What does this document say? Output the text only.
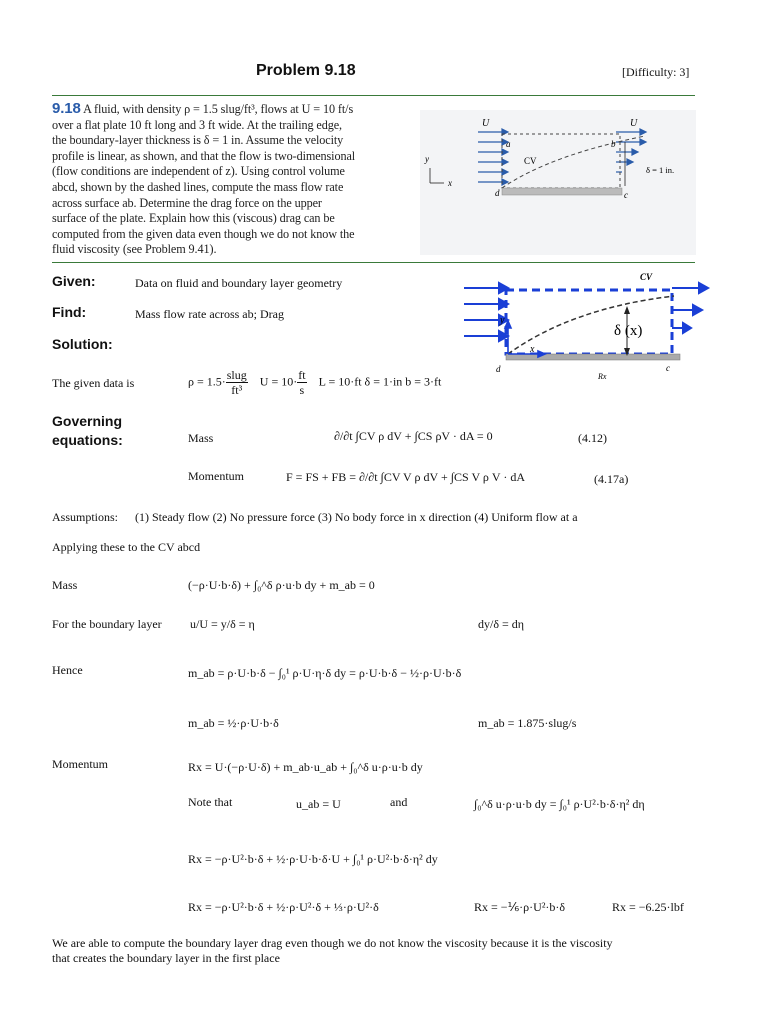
Problem 9.18	[Difficulty: 3]
9.18 A fluid, with density ρ = 1.5 slug/ft³, flows at U = 10 ft/s
over a flat plate 10 ft long and 3 ft wide. At the trailing edge,
the boundary-layer thickness is δ = 1 in. Assume the velocity
profile is linear, as shown, and that the flow is two-dimensional
(flow conditions are independent of z). Using control volume
abcd, shown by the dashed lines, compute the mass flow rate
across surface ab. Determine the drag force on the upper
surface of the plate. Explain how this (viscous) drag can be
computed from the given data even though we do not know the
fluid viscosity (see Problem 9.41).
U	U
a	b
CV
y
x
d	c
δ = 1 in.
CV
y
x
δ (x)
d	c
Rx
Given:	Data on fluid and boundary layer geometry
Find:	Mass flow rate across ab; Drag
Solution:
The given data is	$\rho = 1.5\cdot \frac{\text{slug}}{\text{ft³}}$ $U = 10\cdot \frac{ft}{s}$ L = 10·ft δ = 1·in b = 3·ft
Governing
equations:	Mass	∂/∂t ∫CV ρ dV + ∫CS ρV · dA = 0	(4.12)
Momentum	F = FS + FB = ∂/∂t ∫CV V ρ dV + ∫CS V ρ V · dA	(4.17a)
Assumptions: (1) Steady flow (2) No pressure force (3) No body force in x direction (4) Uniform flow at a
Applying these to the CV abcd
Mass	(−ρ·U·b·δ) + ∫₀^δ ρ·u·b dy + m_ab = 0
For the boundary layer u/U = y/δ = η	dy/δ = dη
Hence	m_ab = ρ·U·b·δ − ∫₀¹ ρ·U·η·δ dy = ρ·U·b·δ − ½·ρ·U·b·δ
m_ab = ½·ρ·U·b·δ	m_ab = 1.875·slug/s
Momentum	Rx = U·(−ρ·U·δ) + m_ab·u_ab + ∫₀^δ u·ρ·u·b dy
Note that	u_ab = U	and	∫₀^δ u·ρ·u·b dy = ∫₀¹ ρ·U²·b·δ·η² dη
Rx = −ρ·U²·b·δ + ½·ρ·U·b·δ·U + ∫₀¹ ρ·U²·b·δ·η² dy
Rx = −ρ·U²·b·δ + ½·ρ·U²·δ + ⅓·ρ·U²·δ	Rx = −⅙·ρ·U²·b·δ	Rx = −6.25·lbf
We are able to compute the boundary layer drag even though we do not know the viscosity because it is the viscosity
that creates the boundary layer in the first place
